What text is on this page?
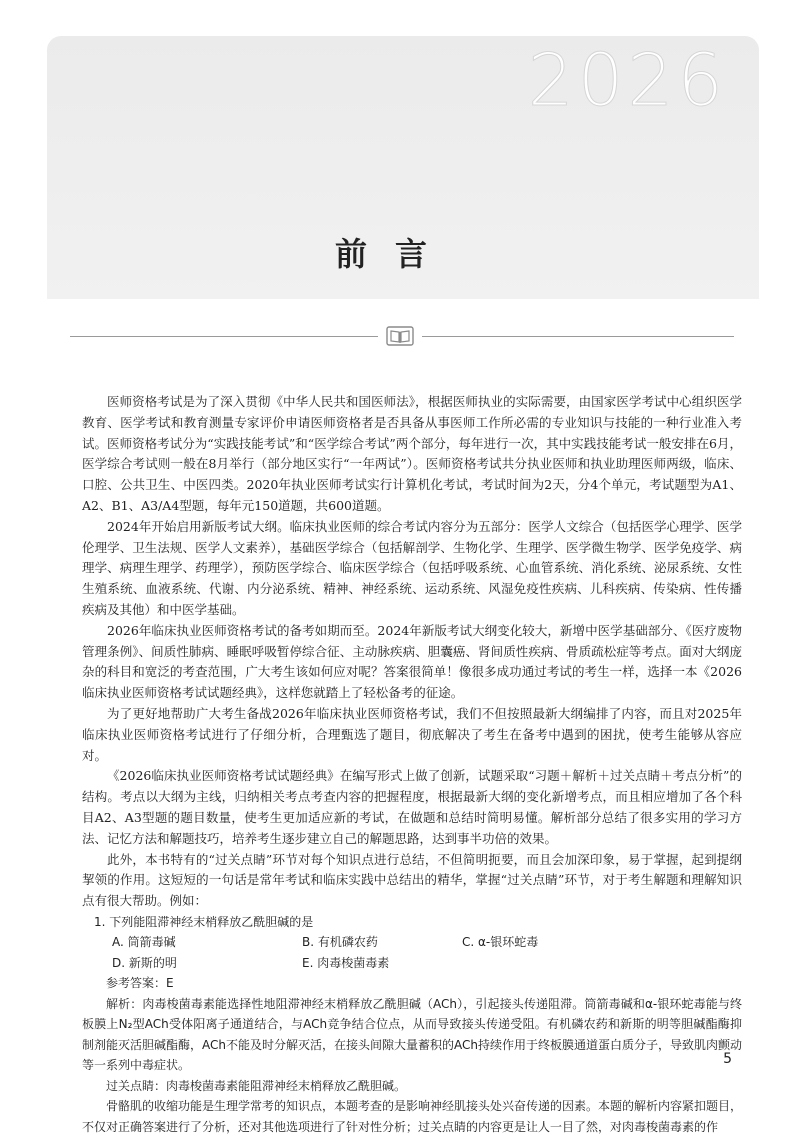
2026
前言

医师资格考试是为了深入贯彻《中华人民共和国医师法》，根据医师执业的实际需要，由国家医学考试中心组织医学教育、医学考试和教育测量专家评价申请医师资格者是否具备从事医师工作所必需的专业知识与技能的一种行业准入考试。医师资格考试分为“实践技能考试”和“医学综合考试”两个部分，每年进行一次，其中实践技能考试一般安排在6月，医学综合考试则一般在8月举行（部分地区实行“一年两试”）。医师资格考试共分执业医师和执业助理医师两级，临床、口腔、公共卫生、中医四类。2020年执业医师考试实行计算机化考试，考试时间为2天，分4个单元，考试题型为A1、A2、B1、A3/A4型题，每年元150道题，共600道题。

2024年开始启用新版考试大纲。临床执业医师的综合考试内容分为五部分：医学人文综合（包括医学心理学、医学伦理学、卫生法规、医学人文素养），基础医学综合（包括解剖学、生物化学、生理学、医学微生物学、医学免疫学、病理学、病理生理学、药理学），预防医学综合、临床医学综合（包括呼吸系统、心血管系统、消化系统、泌尿系统、女性生殖系统、血液系统、代谢、内分泌系统、精神、神经系统、运动系统、风湿免疫性疾病、儿科疾病、传染病、性传播疾病及其他）和中医学基础。

2026年临床执业医师资格考试的备考如期而至。2024年新版考试大纲变化较大，新增中医学基础部分、《医疗废物管理条例》、间质性肺病、睡眠呼吸暂停综合征、主动脉疾病、胆囊癌、肾间质性疾病、骨质疏松症等考点。面对大纲庞杂的科目和宽泛的考查范围，广大考生该如何应对呢？答案很简单！像很多成功通过考试的考生一样，选择一本《2026临床执业医师资格考试试题经典》，这样您就踏上了轻松备考的征途。

为了更好地帮助广大考生备战2026年临床执业医师资格考试，我们不但按照最新大纲编排了内容，而且对2025年临床执业医师资格考试进行了仔细分析，合理甄选了题目，彻底解决了考生在备考中遇到的困扰，使考生能够从容应对。

《2026临床执业医师资格考试试题经典》在编写形式上做了创新，试题采取“习题＋解析＋过关点睛＋考点分析”的结构。考点以大纲为主线，归纳相关考点考查内容的把握程度，根据最新大纲的变化新增考点，而且相应增加了各个科目A2、A3型题的题目数量，使考生更加适应新的考试，在做题和总结时简明易懂。解析部分总结了很多实用的学习方法、记忆方法和解题技巧，培养考生逐步建立自己的解题思路，达到事半功倍的效果。

此外，本书特有的“过关点睛”环节对每个知识点进行总结，不但简明扼要，而且会加深印象，易于掌握，起到提纲挈领的作用。这短短的一句话是常年考试和临床实践中总结出的精华，掌握“过关点睛”环节，对于考生解题和理解知识点有很大帮助。例如：

1. 下列能阻滞神经末梢释放乙酰胆碱的是

A. 筒箭毒碱	B. 有机磷农药	C. α-银环蛇毒
D. 新斯的明	E. 肉毒梭菌毒素

参考答案：E

解析：肉毒梭菌毒素能选择性地阻滞神经末梢释放乙酰胆碱（ACh），引起接头传递阻滞。筒箭毒碱和α-银环蛇毒能与终板膜上N₂型ACh受体阳离子通道结合，与ACh竞争结合位点，从而导致接头传递受阻。有机磷农药和新斯的明等胆碱酯酶抑制剂能灭活胆碱酯酶，ACh不能及时分解灭活，在接头间隙大量蓄积的ACh持续作用于终板膜通道蛋白质分子，导致肌肉颤动等一系列中毒症状。

过关点睛：肉毒梭菌毒素能阻滞神经末梢释放乙酰胆碱。

骨骼肌的收缩功能是生理学常考的知识点，本题考查的是影响神经肌接头处兴奋传递的因素。本题的解析内容紧扣题目，不仅对正确答案进行了分析，还对其他选项进行了针对性分析；过关点睛的内容更是让人一目了然，对肉毒梭菌毒素的作

5
